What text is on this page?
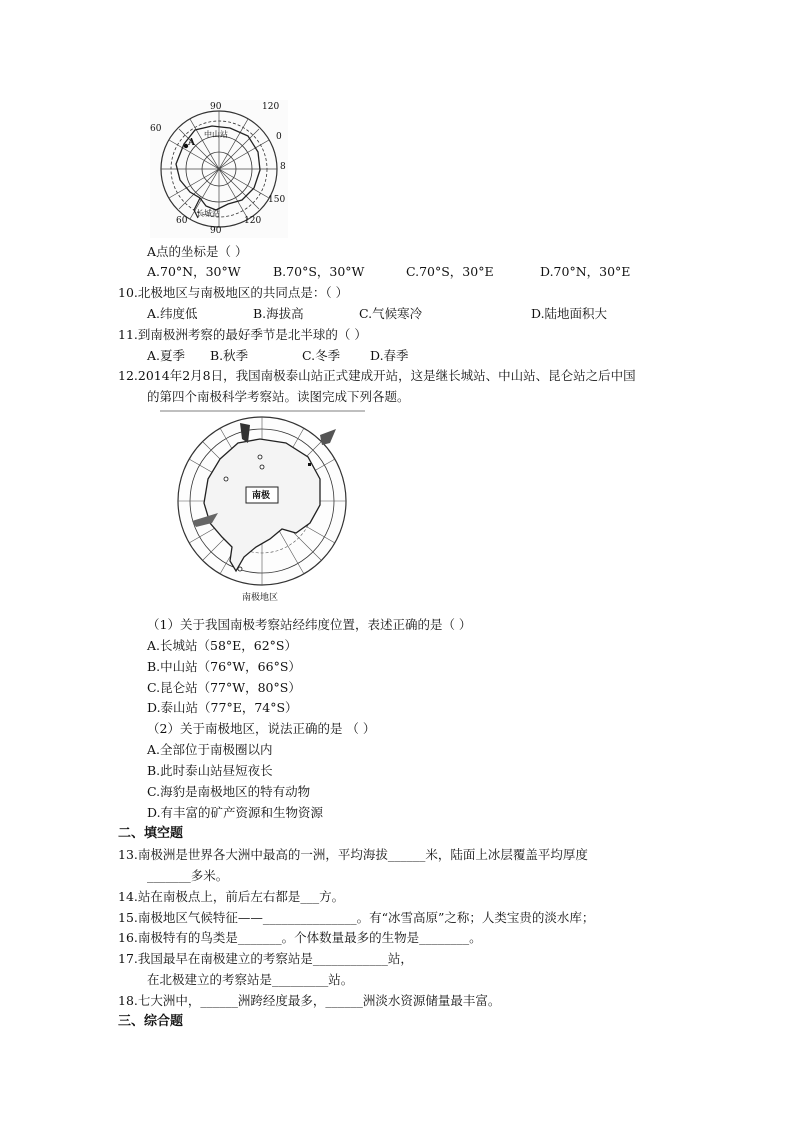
90	120
60
0
8
150
60	120
90
中山站
长城站
A
A点的坐标是（ ）
A.70°N，30°W	B.70°S，30°W	C.70°S，30°E	D.70°N，30°E
10.北极地区与南极地区的共同点是：（ ）
A.纬度低	B.海拔高	C.气候寒冷	D.陆地面积大
11.到南极洲考察的最好季节是北半球的（ ）
A.夏季 B.秋季	C.冬季 D.春季
12.2014年2月8日，我国南极泰山站正式建成开站，这是继长城站、中山站、昆仑站之后中国
的第四个南极科学考察站。读图完成下列各题。
南极
南极地区
（1）关于我国南极考察站经纬度位置，表述正确的是（ ）
A.长城站（58°E，62°S）
B.中山站（76°W，66°S）
C.昆仑站（77°W，80°S）
D.泰山站（77°E，74°S）
（2）关于南极地区，说法正确的是 （ ）
A.全部位于南极圈以内
B.此时泰山站昼短夜长
C.海豹是南极地区的特有动物
D.有丰富的矿产资源和生物资源
二、填空题
13.南极洲是世界各大洲中最高的一洲，平均海拔______米，陆面上冰层覆盖平均厚度
_______多米。
14.站在南极点上，前后左右都是___方。
15.南极地区气候特征——_______________。有“冰雪高原”之称；人类宝贵的淡水库；
16.南极特有的鸟类是_______。个体数量最多的生物是________。
17.我国最早在南极建立的考察站是____________站，
在北极建立的考察站是_________站。
18.七大洲中，______洲跨经度最多，______洲淡水资源储量最丰富。
三、综合题
